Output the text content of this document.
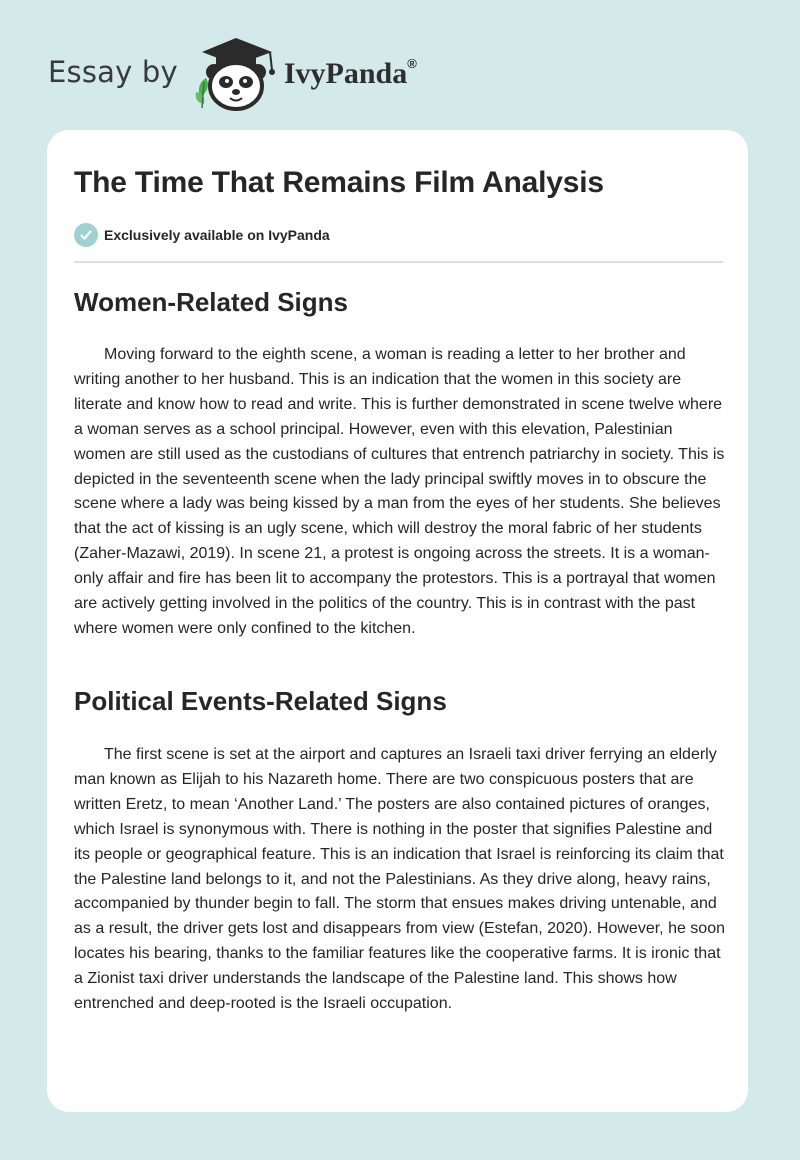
Essay by	IvyPanda®
The Time That Remains Film Analysis
Exclusively available on IvyPanda
Women-Related Signs

Moving forward to the eighth scene, a woman is reading a letter to her brother and writing another to her husband. This is an indication that the women in this society are literate and know how to read and write. This is further demonstrated in scene twelve where a woman serves as a school principal. However, even with this elevation, Palestinian women are still used as the custodians of cultures that entrench patriarchy in society. This is depicted in the seventeenth scene when the lady principal swiftly moves in to obscure the scene where a lady was being kissed by a man from the eyes of her students. She believes that the act of kissing is an ugly scene, which will destroy the moral fabric of her students (Zaher-Mazawi, 2019). In scene 21, a protest is ongoing across the streets. It is a woman-only affair and fire has been lit to accompany the protestors. This is a portrayal that women are actively getting involved in the politics of the country. This is in contrast with the past where women were only confined to the kitchen.

Political Events-Related Signs

The first scene is set at the airport and captures an Israeli taxi driver ferrying an elderly man known as Elijah to his Nazareth home. There are two conspicuous posters that are written Eretz, to mean ‘Another Land.’ The posters are also contained pictures of oranges, which Israel is synonymous with. There is nothing in the poster that signifies Palestine and its people or geographical feature. This is an indication that Israel is reinforcing its claim that the Palestine land belongs to it, and not the Palestinians. As they drive along, heavy rains, accompanied by thunder begin to fall. The storm that ensues makes driving untenable, and as a result, the driver gets lost and disappears from view (Estefan, 2020). However, he soon locates his bearing, thanks to the familiar features like the cooperative farms. It is ironic that a Zionist taxi driver understands the landscape of the Palestine land. This shows how entrenched and deep-rooted is the Israeli occupation.
